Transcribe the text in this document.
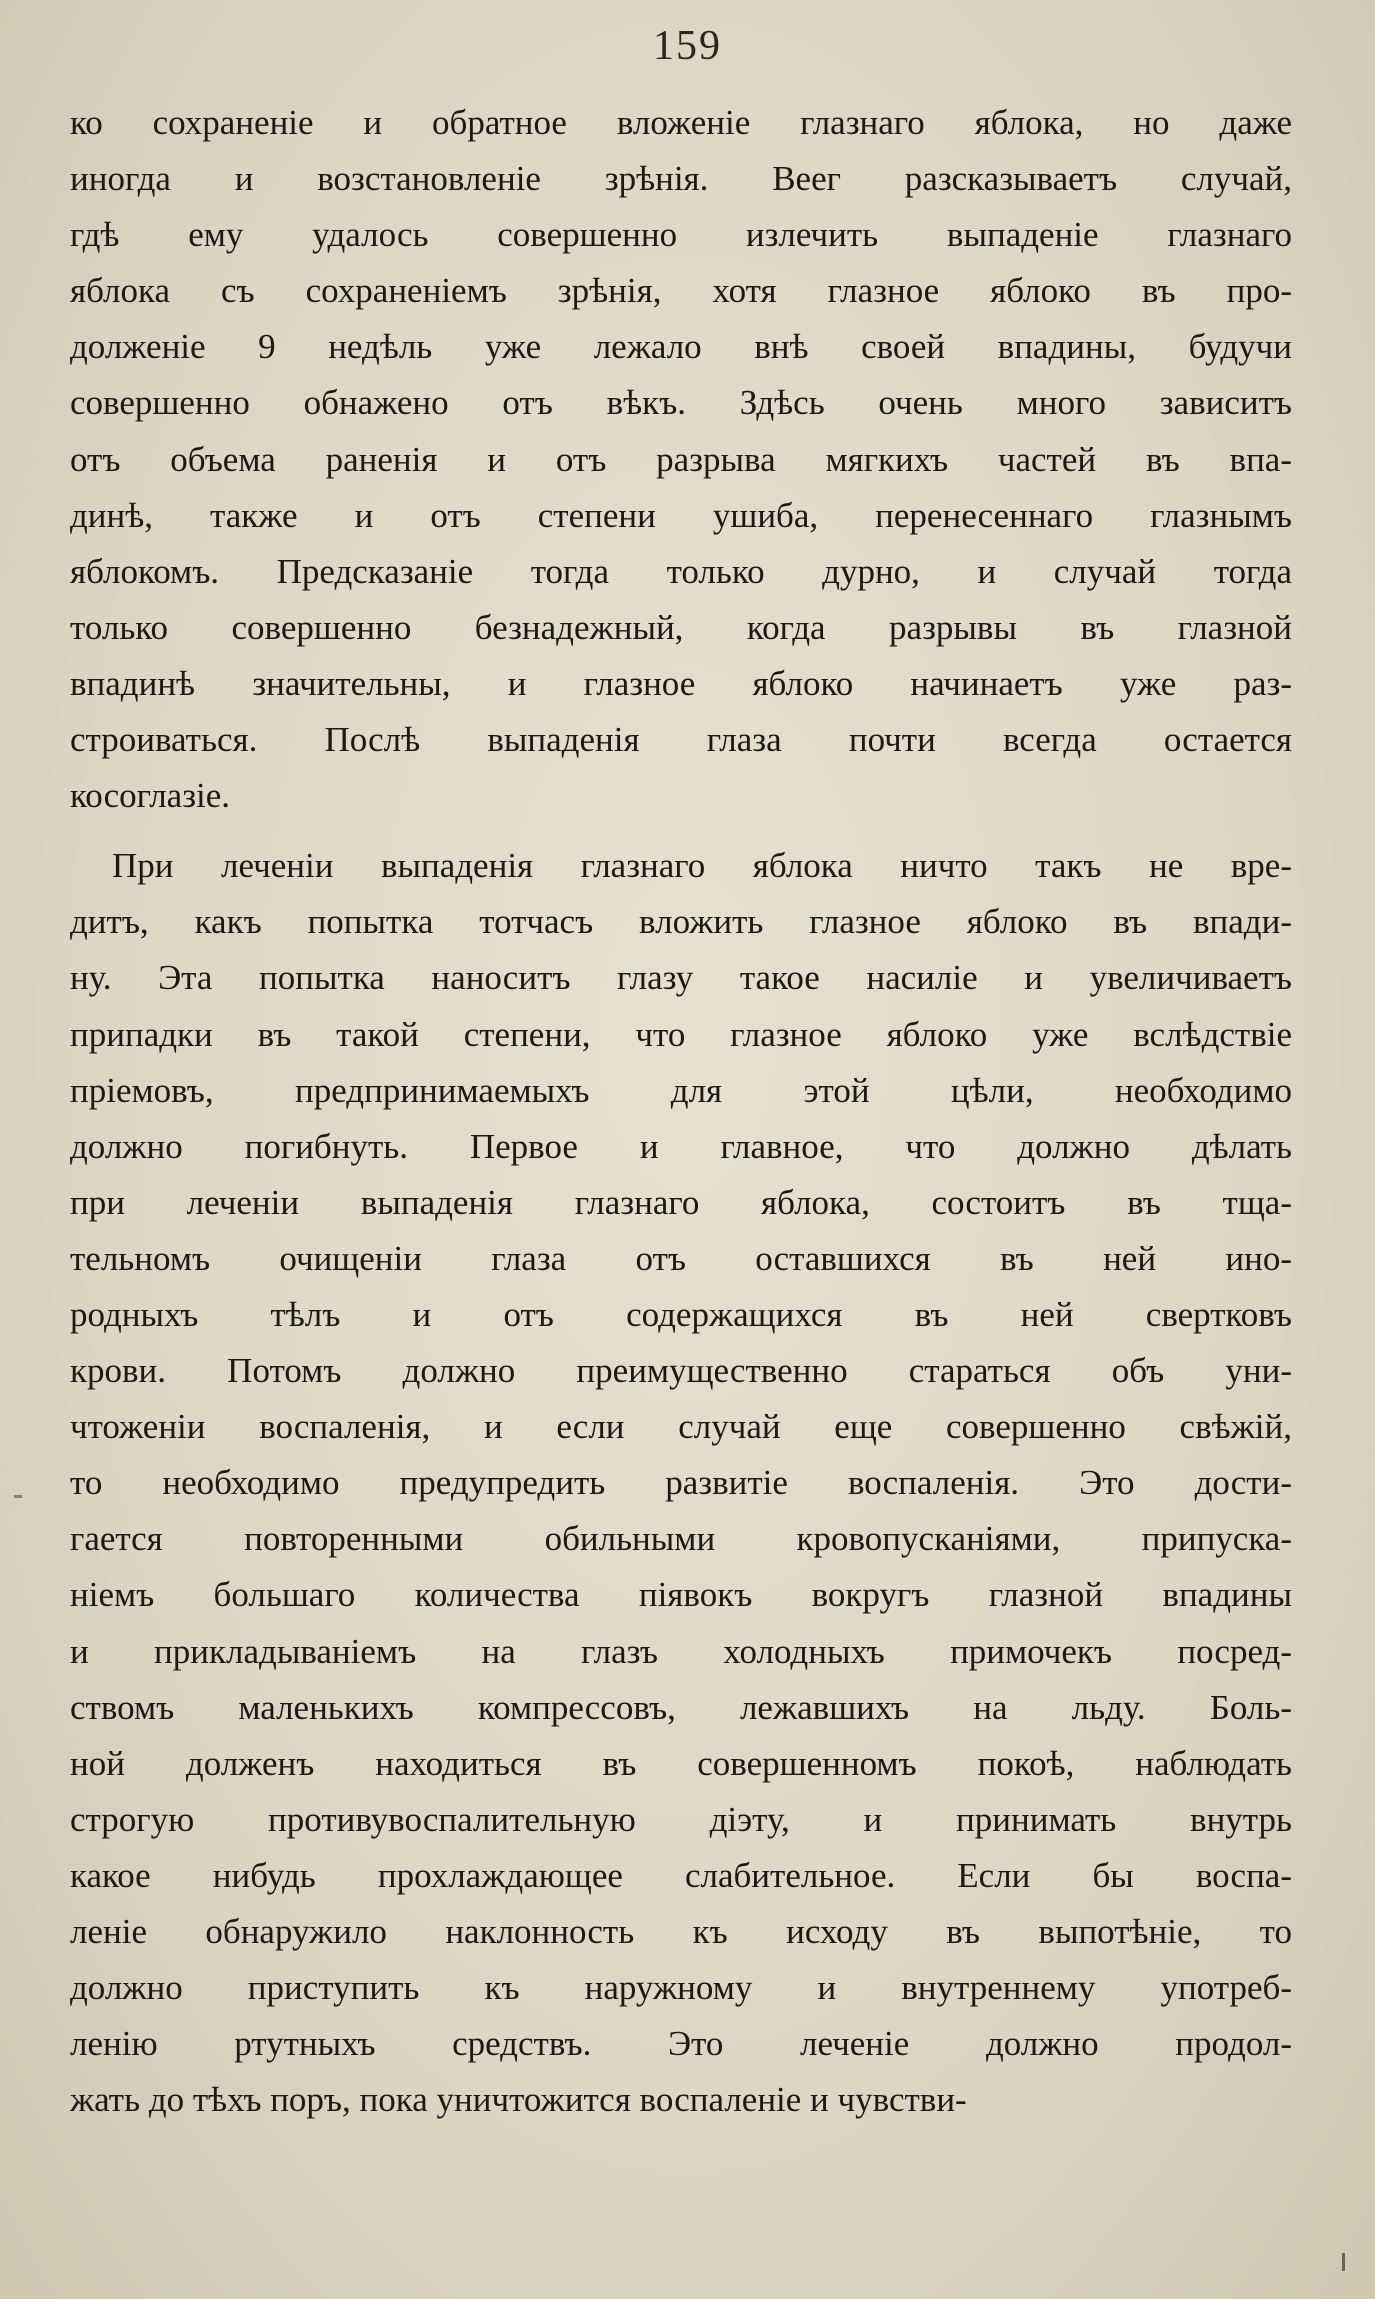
159
ко сохраненіе и обратное вложеніе глазнаго яблока, но даже
иногда и возстановленіе зрѣнія. Веег разсказываетъ случай,
гдѣ ему удалось совершенно излечить выпаденіе глазнаго
яблока съ сохраненіемъ зрѣнія, хотя глазное яблоко въ про-
долженіе 9 недѣль уже лежало внѣ своей впадины, будучи
совершенно обнажено отъ вѣкъ. Здѣсь очень много зависитъ
отъ объема раненія и отъ разрыва мягкихъ частей въ впа-
динѣ, также и отъ степени ушиба, перенесеннаго глазнымъ
яблокомъ. Предсказаніе тогда только дурно, и случай тогда
только совершенно безнадежный, когда разрывы въ глазной
впадинѣ значительны, и глазное яблоко начинаетъ уже раз-
строиваться. Послѣ выпаденія глаза почти всегда остается
косоглазіе.
При леченіи выпаденія глазнаго яблока ничто такъ не вре-
дитъ, какъ попытка тотчасъ вложить глазное яблоко въ впади-
ну. Эта попытка наноситъ глазу такое насиліе и увеличиваетъ
припадки въ такой степени, что глазное яблоко уже вслѣдствіе
пріемовъ, предпринимаемыхъ для этой цѣли, необходимо
должно погибнуть. Первое и главное, что должно дѣлать
при леченіи выпаденія глазнаго яблока, состоитъ въ тща-
тельномъ очищеніи глаза отъ оставшихся въ ней ино-
родныхъ тѣлъ и отъ содержащихся въ ней свертковъ
крови. Потомъ должно преимущественно стараться объ уни-
чтоженіи воспаленія, и если случай еще совершенно свѣжій,
то необходимо предупредить развитіе воспаленія. Это дости-
гается повторенными обильными кровопусканіями, припуска-
ніемъ большаго количества піявокъ вокругъ глазной впадины
и прикладываніемъ на глазъ холодныхъ примочекъ посред-
ствомъ маленькихъ компрессовъ, лежавшихъ на льду. Боль-
ной долженъ находиться въ совершенномъ покоѣ, наблюдать
строгую противувоспалительную діэту, и принимать внутрь
какое нибудь прохлаждающее слабительное. Если бы воспа-
леніе обнаружило наклонность къ исходу въ выпотѣніе, то
должно приступить къ наружному и внутреннему употреб-
ленію ртутныхъ средствъ. Это леченіе должно продол-
жать до тѣхъ поръ, пока уничтожится воспаленіе и чувстви-
